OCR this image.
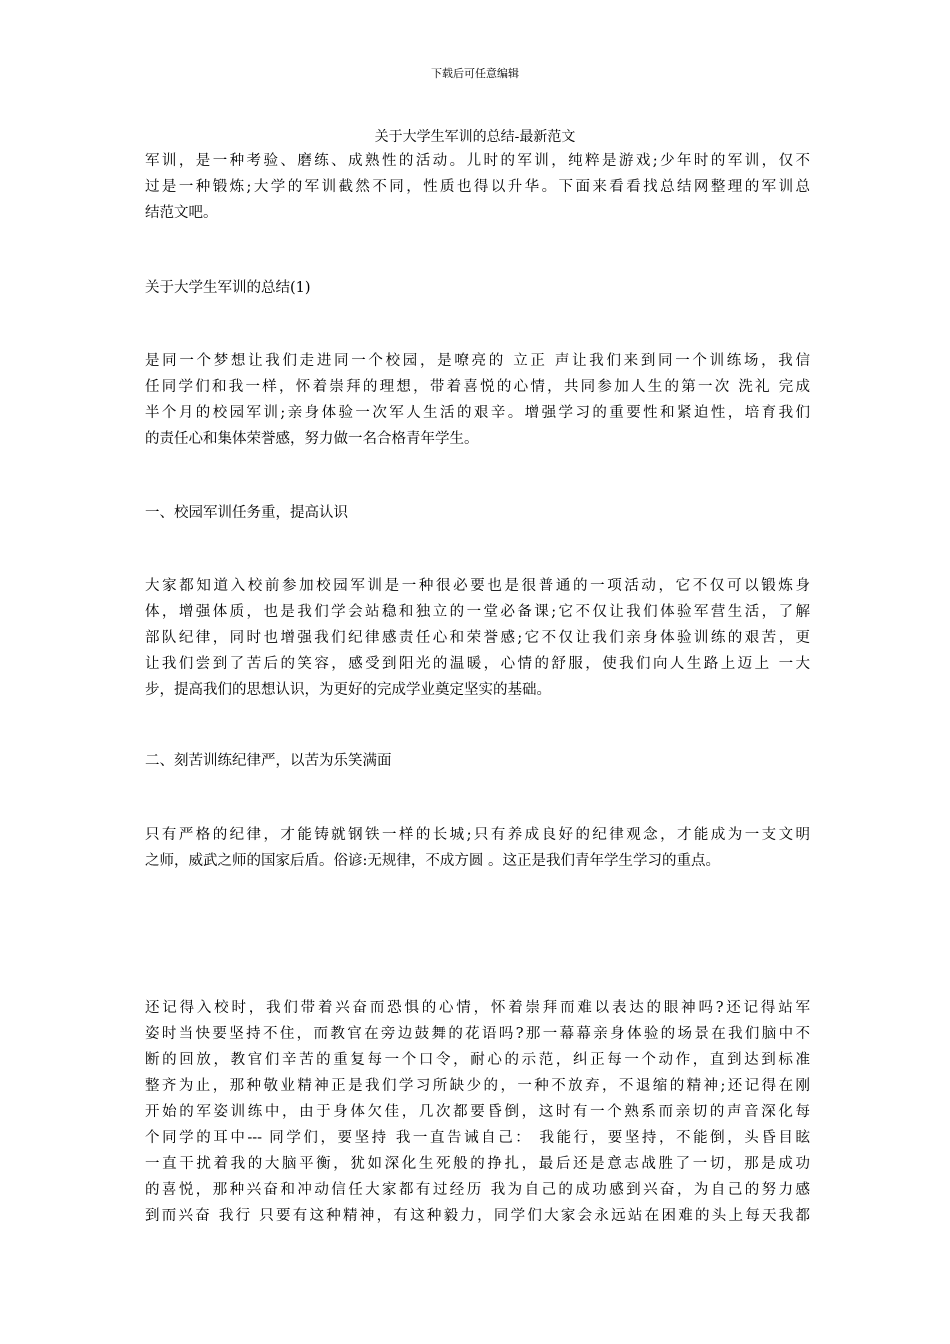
下载后可任意编辑
关于大学生军训的总结-最新范文
军训，是一种考验、磨练、成熟性的活动。儿时的军训，纯粹是游戏;少年时的军训，仅不
过是一种锻炼;大学的军训截然不同，性质也得以升华。下面来看看找总结网整理的军训总
结范文吧。
关于大学生军训的总结(1)
是同一个梦想让我们走进同一个校园，是嘹亮的 立正 声让我们来到同一个训练场，我信
任同学们和我一样，怀着崇拜的理想，带着喜悦的心情，共同参加人生的第一次 洗礼 完成
半个月的校园军训;亲身体验一次军人生活的艰辛。增强学习的重要性和紧迫性，培育我们
的责任心和集体荣誉感，努力做一名合格青年学生。
一、校园军训任务重，提高认识
大家都知道入校前参加校园军训是一种很必要也是很普通的一项活动，它不仅可以锻炼身
体，增强体质，也是我们学会站稳和独立的一堂必备课;它不仅让我们体验军营生活，了解
部队纪律，同时也增强我们纪律感责任心和荣誉感;它不仅让我们亲身体验训练的艰苦，更
让我们尝到了苦后的笑容，感受到阳光的温暖，心情的舒服，使我们向人生路上迈上 一大
步，提高我们的思想认识，为更好的完成学业奠定坚实的基础。
二、刻苦训练纪律严，以苦为乐笑满面
只有严格的纪律，才能铸就钢铁一样的长城;只有养成良好的纪律观念，才能成为一支文明
之师，威武之师的国家后盾。俗谚:无规律，不成方圆 。这正是我们青年学生学习的重点。
还记得入校时，我们带着兴奋而恐惧的心情，怀着崇拜而难以表达的眼神吗?还记得站军
姿时当快要坚持不住，而教官在旁边鼓舞的花语吗?那一幕幕亲身体验的场景在我们脑中不
断的回放，教官们辛苦的重复每一个口令，耐心的示范，纠正每一个动作，直到达到标准
整齐为止，那种敬业精神正是我们学习所缺少的，一种不放弃，不退缩的精神;还记得在刚
开始的军姿训练中，由于身体欠佳，几次都要昏倒，这时有一个熟系而亲切的声音深化每
个同学的耳中--- 同学们，要坚持 我一直告诫自己： 我能行，要坚持，不能倒，头昏目眩
一直干扰着我的大脑平衡，犹如深化生死般的挣扎，最后还是意志战胜了一切，那是成功
的喜悦，那种兴奋和冲动信任大家都有过经历 我为自己的成功感到兴奋，为自己的努力感
到而兴奋 我行 只要有这种精神，有这种毅力，同学们大家会永远站在困难的头上每天我都
